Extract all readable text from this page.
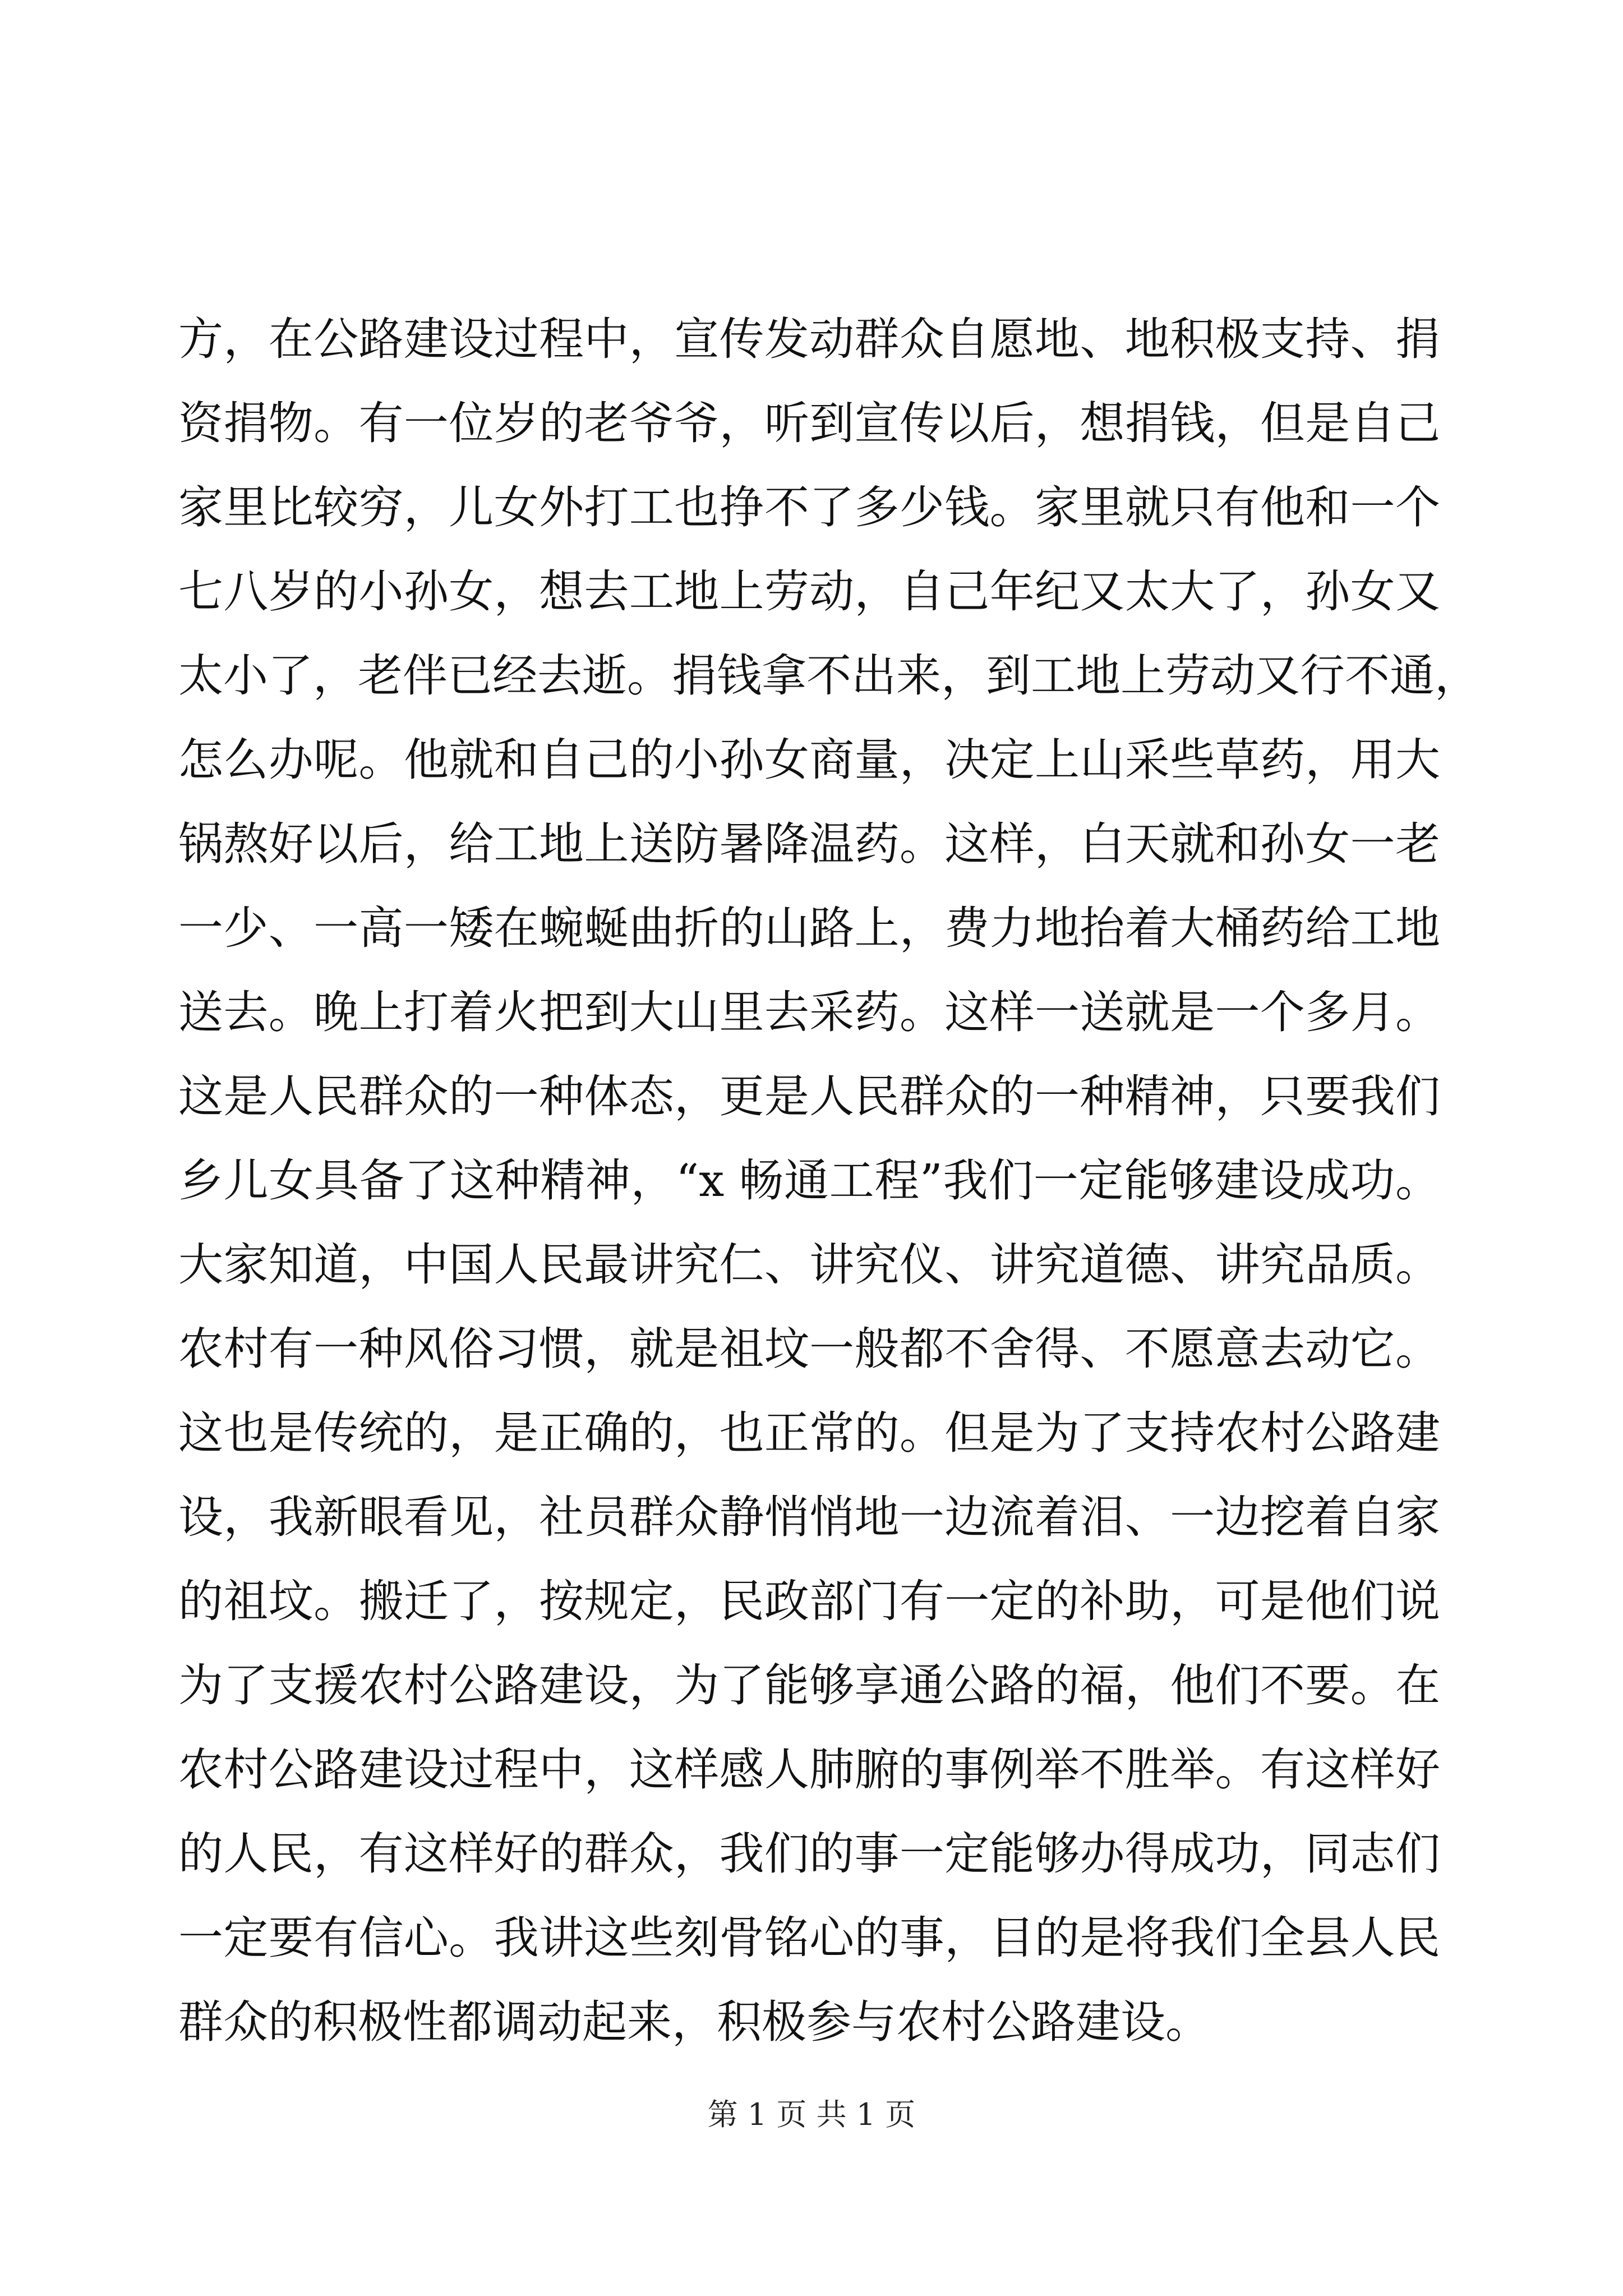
方，在公路建设过程中，宣传发动群众自愿地、地积极支持、捐
资捐物。有一位岁的老爷爷，听到宣传以后，想捐钱，但是自己
家里比较穷，儿女外打工也挣不了多少钱。家里就只有他和一个
七八岁的小孙女，想去工地上劳动，自己年纪又太大了，孙女又
太小了，老伴已经去逝。捐钱拿不出来，到工地上劳动又行不通，
怎么办呢。他就和自己的小孙女商量，决定上山采些草药，用大
锅熬好以后，给工地上送防暑降温药。这样，白天就和孙女一老
一少、一高一矮在蜿蜒曲折的山路上，费力地抬着大桶药给工地
送去。晚上打着火把到大山里去采药。这样一送就是一个多月。
这是人民群众的一种体态，更是人民群众的一种精神，只要我们
乡儿女具备了这种精神，“x 畅通工程”我们一定能够建设成功。
大家知道，中国人民最讲究仁、讲究仪、讲究道德、讲究品质。
农村有一种风俗习惯，就是祖坟一般都不舍得、不愿意去动它。
这也是传统的，是正确的，也正常的。但是为了支持农村公路建
设，我新眼看见，社员群众静悄悄地一边流着泪、一边挖着自家
的祖坟。搬迁了，按规定，民政部门有一定的补助，可是他们说
为了支援农村公路建设，为了能够享通公路的福，他们不要。在
农村公路建设过程中，这样感人肺腑的事例举不胜举。有这样好
的人民，有这样好的群众，我们的事一定能够办得成功，同志们
一定要有信心。我讲这些刻骨铭心的事，目的是将我们全县人民
群众的积极性都调动起来，积极参与农村公路建设。
第 1 页 共 1 页
